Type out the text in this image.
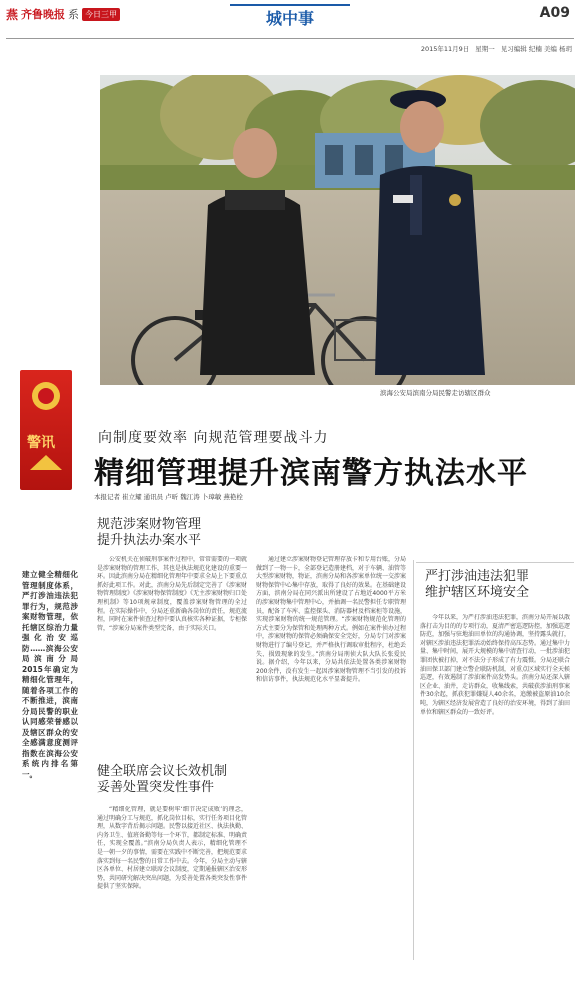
燕 齐鲁晚报 系 今日三甲	城中事	A09
2015年11月9日 星期一 见习编辑 纪楠 美编 杨玥
滨海公安局滨南分局民警走访辖区群众
警讯	向制度要效率 向规范管理要战斗力
精细管理提升滨南警方执法水平
本报记者 崔立耀 通讯员 卢昕 魏江涛 卜璋敏 燕艳栓
建立健全精细化管理制度体系，严打涉油违法犯罪行为，规范涉案财物管理，依托辖区综治力量强化治安巡防……滨海公安局滨南分局2015年确定为精细化管理年，随着各项工作的不断推进，滨南分局民警的职业认同感荣誉感以及辖区群众的安全感满意度测评指数在滨海公安系统内排名第一。
规范涉案财物管理
提升执法办案水平
健全联席会议长效机制
妥善处置突发性事件
严打涉油违法犯罪
维护辖区环境安全

公安机关在侦破刑事案件过程中，常常需要的一项就是涉案财物的管理工作，其也是执法规范化建设的重要一环。因此滨南分局在精细化管理年中要求全局上下要重点抓好此项工作。对此，滨南分局先后制定完善了《涉案财物管理制度》《涉案财物保管制度》《无主涉案财物归口处理机制》等10项规章制度，覆盖涉案财物管理的全过程。在实际操作中，分局还重新确各岗位的责任，规范流程，同时在案件侦查过程中要认真核实各种证据，专柜保管，“涉案分局案件类型完备，由于实际关口。

“精细化管理，就是要树牢‘细节决定成败’的理念，通过明确分工与规范，抓化岗位目标，实行任务项目化管理，从数字背后揭示问题。民警以接近社区、执法执勤、内务卫生、值班备勤等每一个环节，都制定标准、明确责任，实现全覆盖。”滨南分局负责人表示，精细化管理不是一朝一夕的事情，需要在实践中不断完善，把规范要求落实到每一名民警的日常工作中去。今年，分局主动与辖区各单位、村居建立联席会议制度，定期通报辖区治安形势，共同研究解决突出问题，为妥善处置各类突发性事件提供了坚实保障。

通过建立涉案财物登记管理存放卡和专用台账，分局做到了一物一卡，全部登记造册建档，对于车辆、油管等大型涉案财物，物证，滨南分局和各涉案单位统一交涉案财物保管中心集中存放，取得了良好的效果。在基础建设方面，滨南分局在同兴派出所建设了占地近4000平方米的涉案财物集中管理中心，并抽调一名民警担任专职管理员，配备了车库、监控探头、消防器材及档案柜等设施，实现涉案财物的统一规范管理。“涉案财物规范化管理的方式主要分为保管和处理两种方式。例如在案件侦办过程中，涉案财物的保管必须确保安全完好，分局专门对涉案财物进行了编号登记，并严格执行调取审批程序，杜绝丢失、损毁现象的发生。”滨南分局刑侦大队大队长张爱民说。据介绍，今年以来，分局共依法处置各类涉案财物200余件，没有发生一起因涉案财物管理不当引发的投诉和信访事件，执法规范化水平显著提升。

今年以来，为严打涉油违法犯罪，滨南分局开展以散落打击为目的的专项行动，夏清严密巡逻防控，加强巡逻防范，加强与驻地油田单位的沟通协调，坚持露头就打，对辖区涉油违法犯罪活动始终保持高压态势。通过集中力量、集中时间，展开大规模的集中清查行动，一批涉油犯罪团伙被打掉，对不法分子形成了有力震慑。分局还联合油田保卫部门建立警企联防机制，对重点区域实行全天候巡逻，有效遏制了涉油案件高发势头。滨南分局还深入辖区企业、油井，走访群众，收集线索，共破获涉油刑事案件30余起，抓获犯罪嫌疑人40余名，追缴被盗原油10余吨，为辖区经济发展营造了良好的治安环境，得到了油田单位和辖区群众的一致好评。
